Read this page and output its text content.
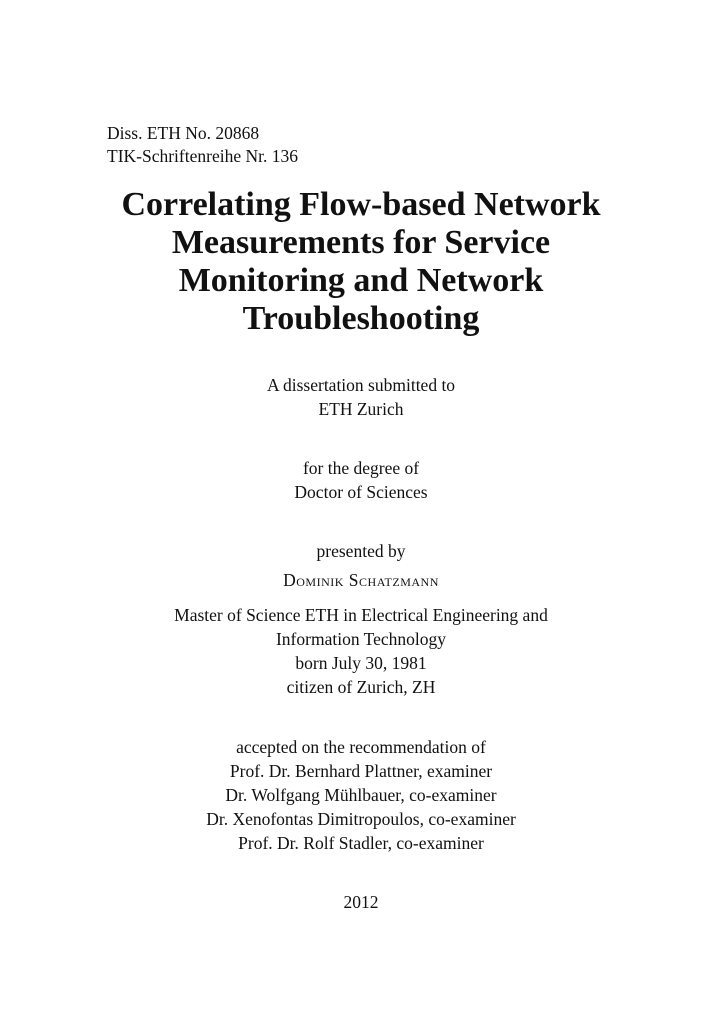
Diss. ETH No. 20868
TIK-Schriftenreihe Nr. 136
Correlating Flow-based Network
Measurements for Service
Monitoring and Network
Troubleshooting
A dissertation submitted to
ETH Zurich
for the degree of
Doctor of Sciences
presented by
Dominik Schatzmann
Master of Science ETH in Electrical Engineering and
Information Technology
born July 30, 1981
citizen of Zurich, ZH
accepted on the recommendation of
Prof. Dr. Bernhard Plattner, examiner
Dr. Wolfgang Mühlbauer, co-examiner
Dr. Xenofontas Dimitropoulos, co-examiner
Prof. Dr. Rolf Stadler, co-examiner
2012
